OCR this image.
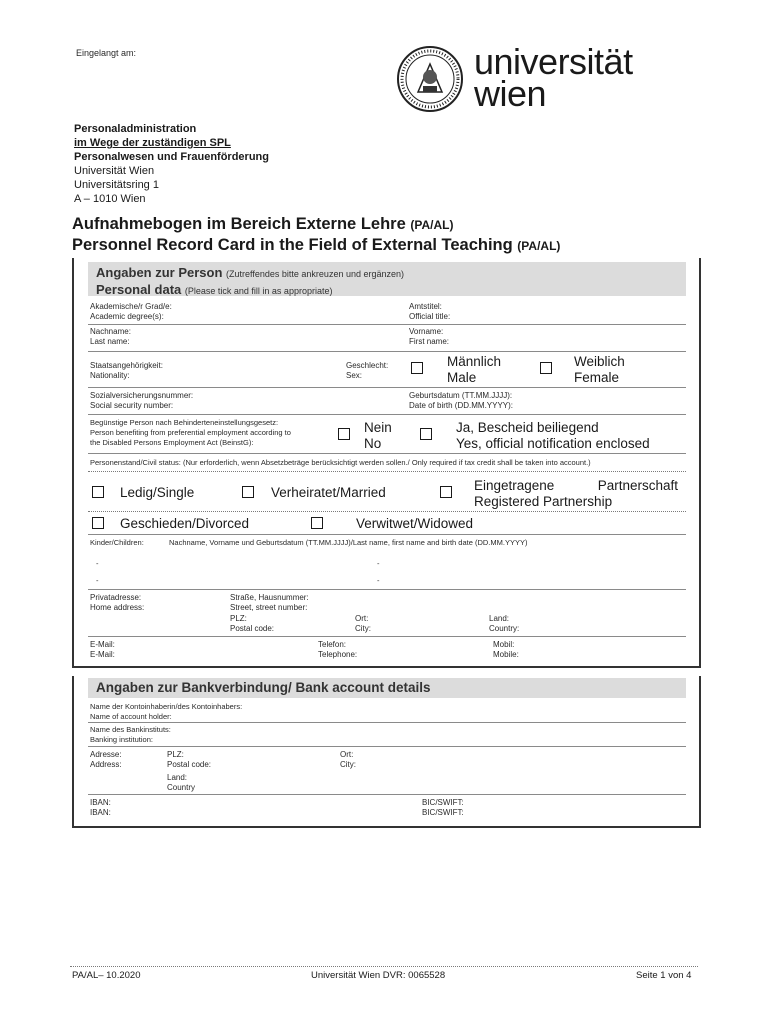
Eingelangt am:	universität
wien
Personaladministration
im Wege der zuständigen SPL
Personalwesen und Frauenförderung
Universität Wien
Universitätsring 1
A – 1010 Wien
Aufnahmebogen im Bereich Externe Lehre (PA/AL)
Personnel Record Card in the Field of External Teaching (PA/AL)
Angaben zur Person (Zutreffendes bitte ankreuzen und ergänzen)
Personal data (Please tick and fill in as appropriate)
Akademische/r Grad/e:
Academic degree(s):
Amtstitel:
Official title:
Nachname:
Last name:
Vorname:
First name:
Staatsangehörigkeit:
Nationality:
Geschlecht:
Sex:
Männlich
Male
Weiblich
Female
Sozialversicherungsnummer:
Social security number:
Geburtsdatum (TT.MM.JJJJ):
Date of birth (DD.MM.YYYY):
Begünstige Person nach Behinderteneinstellungsgesetz:
Person benefiting from preferential employment according to
the Disabled Persons Employment Act (BeinstG):
Nein
No
Ja, Bescheid beiliegend
Yes, official notification enclosed
Personenstand/Civil status: (Nur erforderlich, wenn Absetzbeträge berücksichtigt werden sollen./ Only required if tax credit shall be taken into account.)
Ledig/Single	Verheiratet/Married	Eingetragene	Partnerschaft
Registered Partnership
Geschieden/Divorced	Verwitwet/Widowed
Kinder/Children:	Nachname, Vorname und Geburtsdatum (TT.MM.JJJJ)/Last name, first name and birth date (DD.MM.YYYY)
-	-
-	-
Privatadresse:
Home address:
Straße, Hausnummer:
Street, street number:
PLZ:
Postal code:
Ort:
City:
Land:
Country:
E-Mail:
E-Mail:
Telefon:
Telephone:
Mobil:
Mobile:
Angaben zur Bankverbindung/ Bank account details
Name der Kontoinhaberin/des Kontoinhabers:
Name of account holder:
Name des Bankinstituts:
Banking institution:
Adresse:
Address:
PLZ:
Postal code:
Land:
Country
Ort:
City:
IBAN:
IBAN:
BIC/SWIFT:
BIC/SWIFT:
PA/AL– 10.2020	Universität Wien DVR: 0065528	Seite 1 von 4
